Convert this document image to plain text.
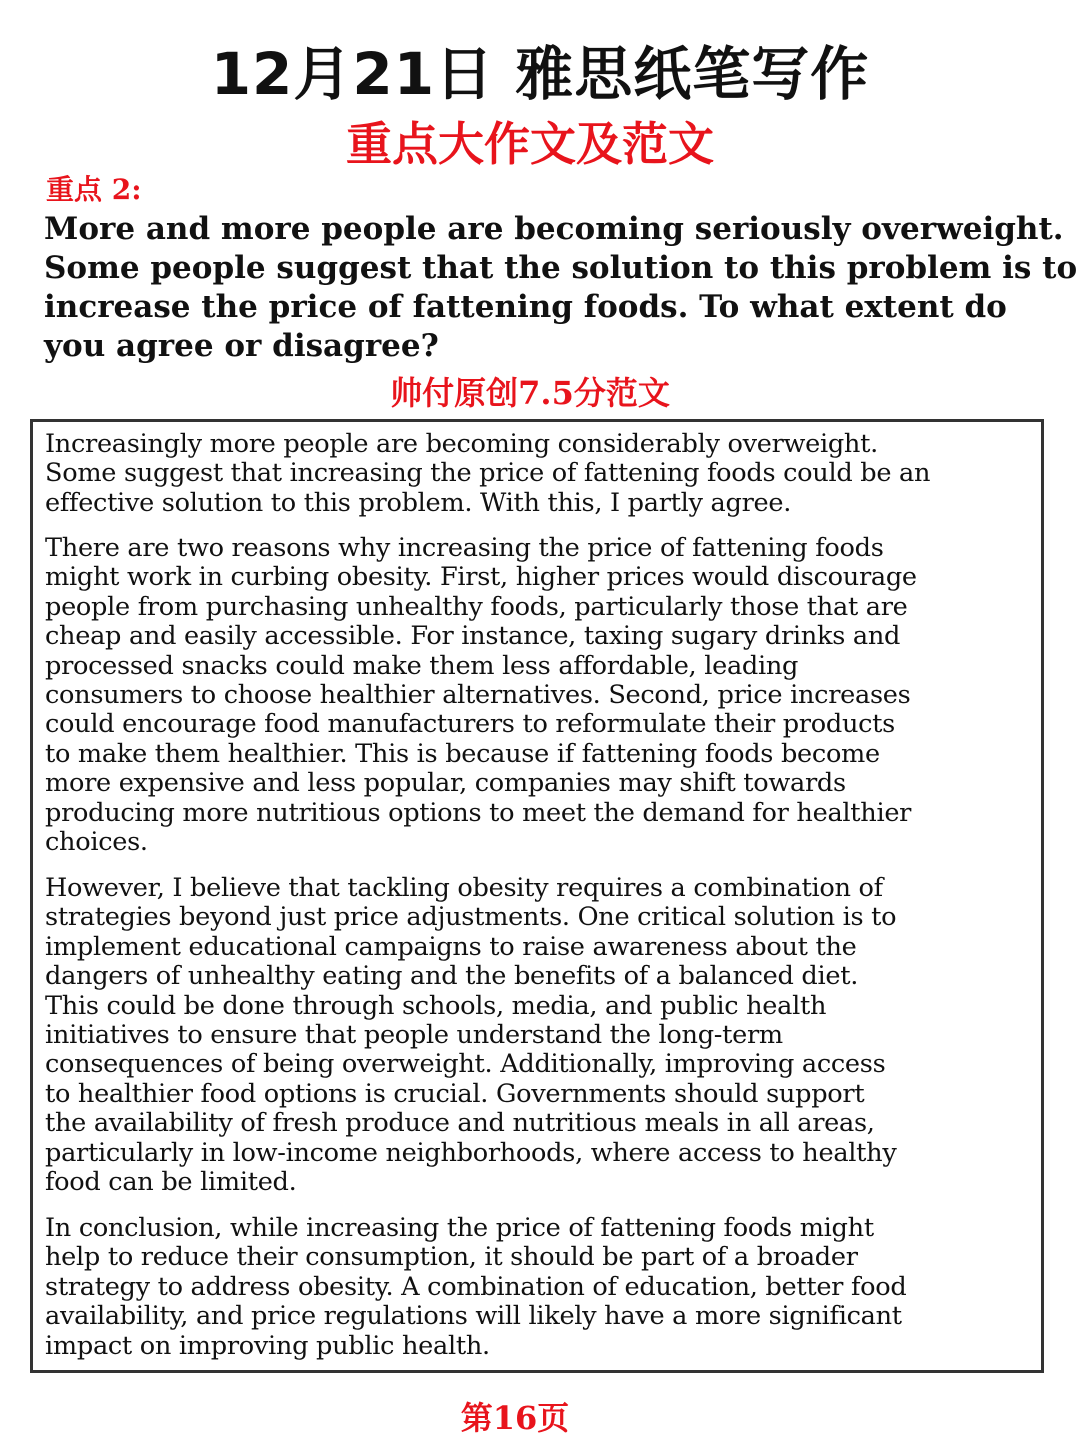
12月21日 雅思纸笔写作
重点大作文及范文
重点 2:
More and more people are becoming seriously overweight.
Some people suggest that the solution to this problem is to
increase the price of fattening foods. To what extent do
you agree or disagree?
帅付原创7.5分范文
Increasingly more people are becoming considerably overweight.
Some suggest that increasing the price of fattening foods could be an
effective solution to this problem. With this, I partly agree.
There are two reasons why increasing the price of fattening foods
might work in curbing obesity. First, higher prices would discourage
people from purchasing unhealthy foods, particularly those that are
cheap and easily accessible. For instance, taxing sugary drinks and
processed snacks could make them less affordable, leading
consumers to choose healthier alternatives. Second, price increases
could encourage food manufacturers to reformulate their products
to make them healthier. This is because if fattening foods become
more expensive and less popular, companies may shift towards
producing more nutritious options to meet the demand for healthier
choices.
However, I believe that tackling obesity requires a combination of
strategies beyond just price adjustments. One critical solution is to
implement educational campaigns to raise awareness about the
dangers of unhealthy eating and the benefits of a balanced diet.
This could be done through schools, media, and public health
initiatives to ensure that people understand the long-term
consequences of being overweight. Additionally, improving access
to healthier food options is crucial. Governments should support
the availability of fresh produce and nutritious meals in all areas,
particularly in low-income neighborhoods, where access to healthy
food can be limited.
In conclusion, while increasing the price of fattening foods might
help to reduce their consumption, it should be part of a broader
strategy to address obesity. A combination of education, better food
availability, and price regulations will likely have a more significant
impact on improving public health.
第16页
